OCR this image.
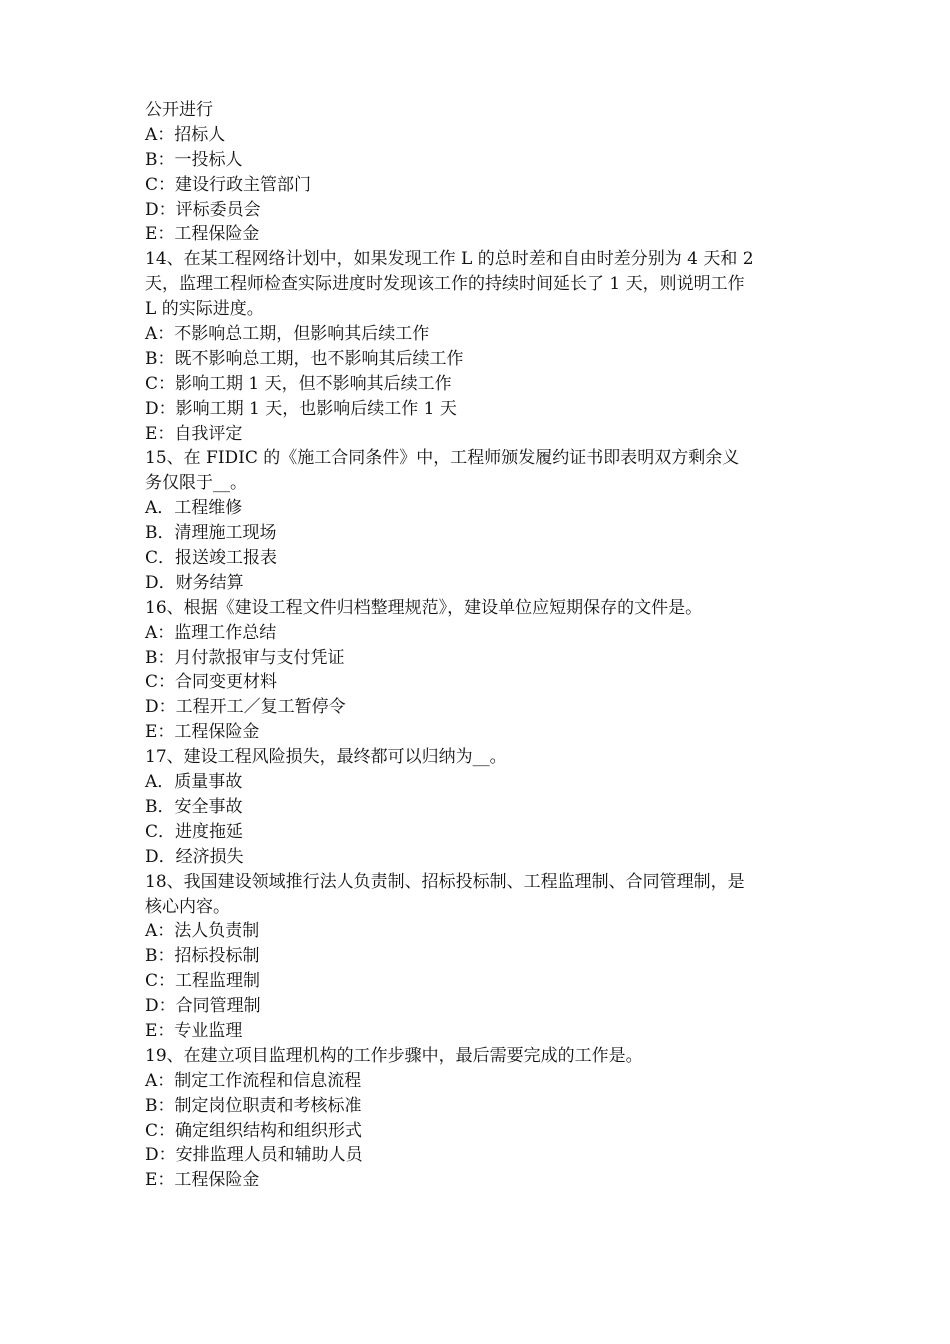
公开进行
A：招标人
B：一投标人
C：建设行政主管部门
D：评标委员会
E：工程保险金
14、在某工程网络计划中，如果发现工作 L 的总时差和自由时差分别为 4 天和 2
天，监理工程师检查实际进度时发现该工作的持续时间延长了 1 天，则说明工作
L 的实际进度。
A：不影响总工期，但影响其后续工作
B：既不影响总工期，也不影响其后续工作
C：影响工期 1 天，但不影响其后续工作
D：影响工期 1 天，也影响后续工作 1 天
E：自我评定
15、在 FIDIC 的《施工合同条件》中，工程师颁发履约证书即表明双方剩余义
务仅限于__。
A．工程维修
B．清理施工现场
C．报送竣工报表
D．财务结算
16、根据《建设工程文件归档整理规范》，建设单位应短期保存的文件是。
A：监理工作总结
B：月付款报审与支付凭证
C：合同变更材料
D：工程开工／复工暂停令
E：工程保险金
17、建设工程风险损失，最终都可以归纳为__。
A．质量事故
B．安全事故
C．进度拖延
D．经济损失
18、我国建设领域推行法人负责制、招标投标制、工程监理制、合同管理制，是
核心内容。
A：法人负责制
B：招标投标制
C：工程监理制
D：合同管理制
E：专业监理
19、在建立项目监理机构的工作步骤中，最后需要完成的工作是。
A：制定工作流程和信息流程
B：制定岗位职责和考核标准
C：确定组织结构和组织形式
D：安排监理人员和辅助人员
E：工程保险金
